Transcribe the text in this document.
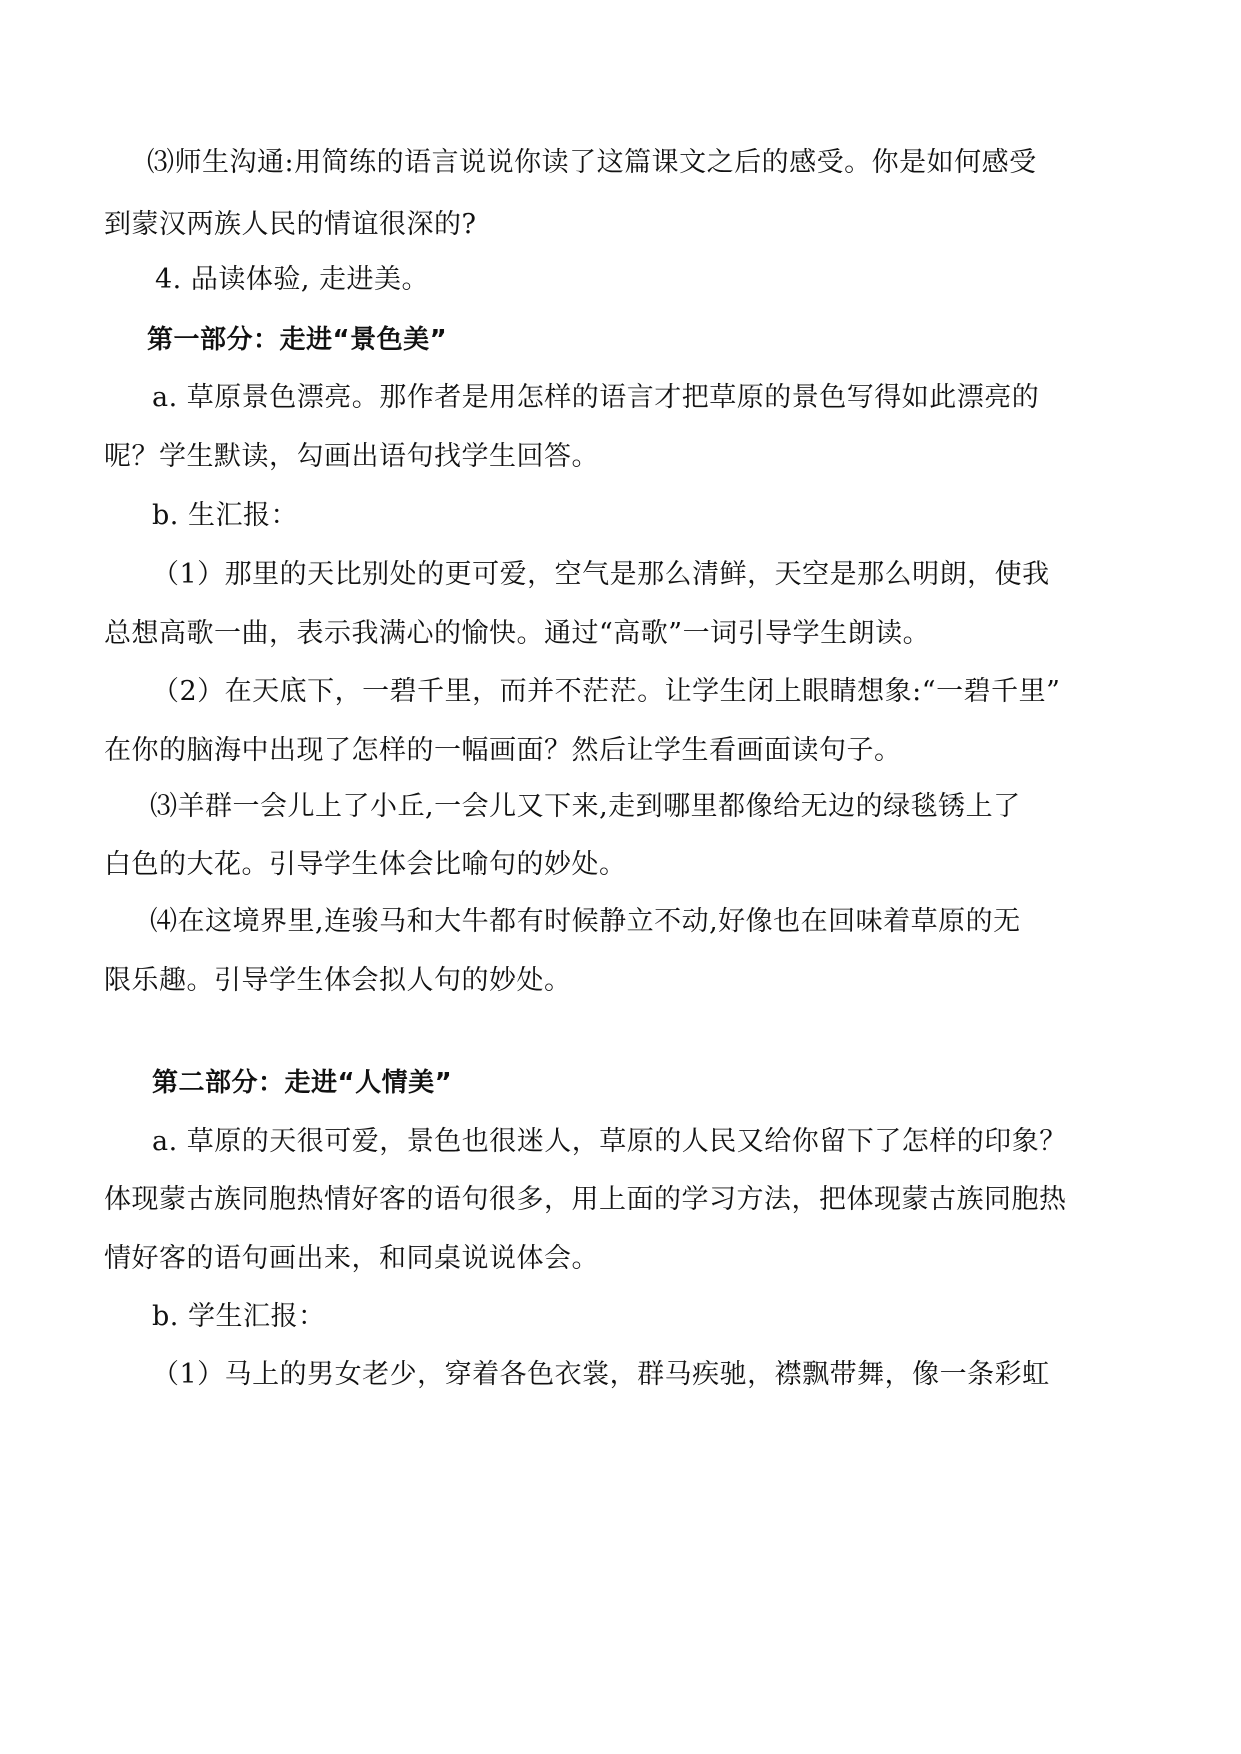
⑶师生沟通:用简练的语言说说你读了这篇课文之后的感受。你是如何感受
到蒙汉两族人民的情谊很深的?
4. 品读体验, 走进美。
第一部分：走进“景色美”
a. 草原景色漂亮。那作者是用怎样的语言才把草原的景色写得如此漂亮的
呢？学生默读，勾画出语句找学生回答。
b. 生汇报：
（1）那里的天比别处的更可爱，空气是那么清鲜，天空是那么明朗，使我
总想高歌一曲，表示我满心的愉快。通过“高歌”一词引导学生朗读。
（2）在天底下，一碧千里，而并不茫茫。让学生闭上眼睛想象:“一碧千里”
在你的脑海中出现了怎样的一幅画面？然后让学生看画面读句子。
⑶羊群一会儿上了小丘,一会儿又下来,走到哪里都像给无边的绿毯锈上了
白色的大花。引导学生体会比喻句的妙处。
⑷在这境界里,连骏马和大牛都有时候静立不动,好像也在回味着草原的无
限乐趣。引导学生体会拟人句的妙处。
第二部分：走进“人情美”
a. 草原的天很可爱，景色也很迷人，草原的人民又给你留下了怎样的印象？
体现蒙古族同胞热情好客的语句很多，用上面的学习方法，把体现蒙古族同胞热
情好客的语句画出来，和同桌说说体会。
b. 学生汇报：
（1）马上的男女老少，穿着各色衣裳，群马疾驰，襟飘带舞，像一条彩虹
